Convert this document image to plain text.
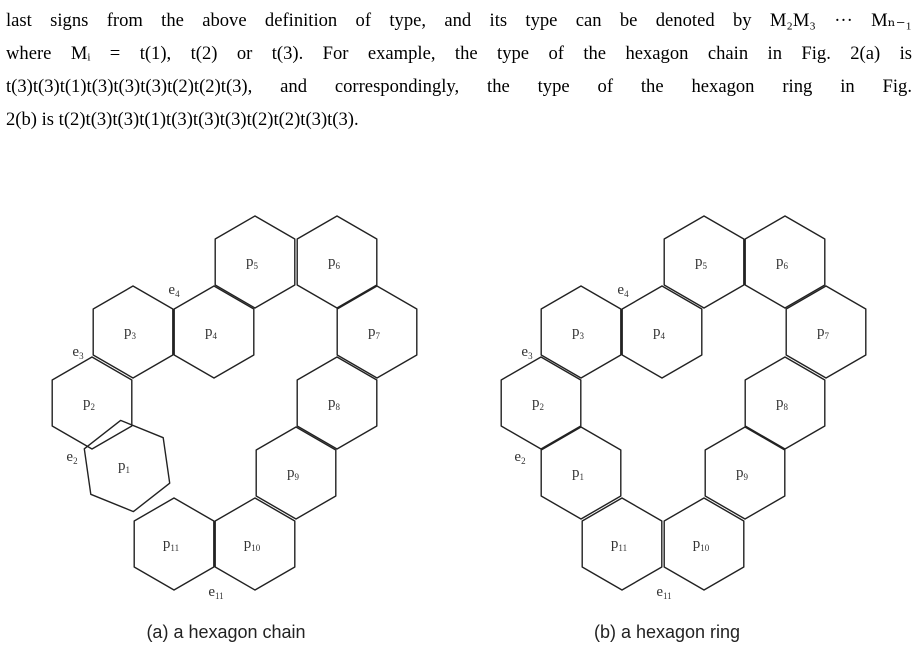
last signs from the above definition of type, and its type can be denoted by M₂M₃ ··· Mₙ₋₁
where Mᵢ = t(1), t(2) or t(3). For example, the type of the hexagon chain in Fig. 2(a) is
t(3)t(3)t(1)t(3)t(3)t(3)t(2)t(2)t(3), and correspondingly, the type of the hexagon ring in Fig.
2(b) is t(2)t(3)t(3)t(1)t(3)t(3)t(3)t(2)t(2)t(3)t(3).
$p_1$
$p_2$
$p_3$	$p_4$
$p_5$	$p_6$
$p_7$
$p_8$
$p_9$
$p_{10}$
$p_{11}$
$e_2$
$e_3$
$e_4$
$e_{11}$
$p_1$
$p_2$
$p_3$	$p_4$
$p_5$	$p_6$
$p_7$
$p_8$
$p_9$
$p_{10}$
$p_{11}$
$e_2$
$e_3$
$e_4$
$e_{11}$
(a) a hexagon chain	(b) a hexagon ring
